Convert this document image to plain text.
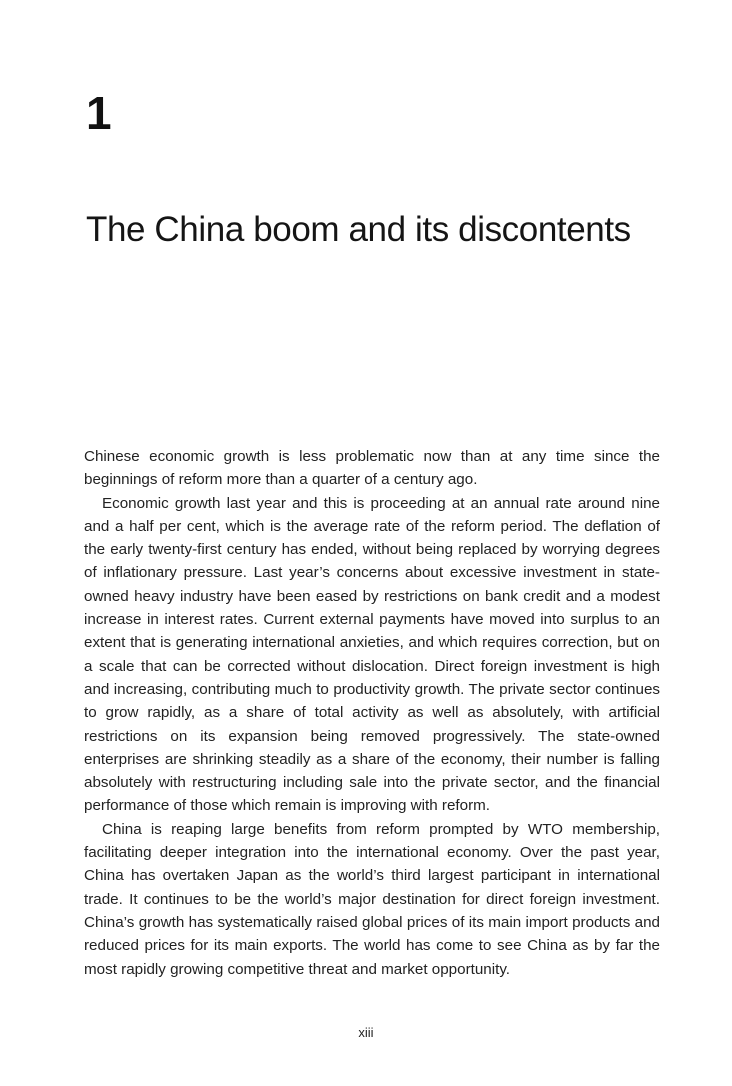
1
The China boom and its discontents

Chinese economic growth is less problematic now than at any time since the beginnings of reform more than a quarter of a century ago.

Economic growth last year and this is proceeding at an annual rate around nine and a half per cent, which is the average rate of the reform period. The deflation of the early twenty-first century has ended, without being replaced by worrying degrees of inflationary pressure. Last year’s concerns about excessive investment in state-owned heavy industry have been eased by restrictions on bank credit and a modest increase in interest rates. Current external payments have moved into surplus to an extent that is generating international anxieties, and which requires correction, but on a scale that can be corrected without dislocation. Direct foreign investment is high and increasing, contributing much to productivity growth. The private sector continues to grow rapidly, as a share of total activity as well as absolutely, with artificial restrictions on its expansion being removed progressively. The state-owned enterprises are shrinking steadily as a share of the economy, their number is falling absolutely with restructuring including sale into the private sector, and the financial performance of those which remain is improving with reform.

China is reaping large benefits from reform prompted by WTO membership, facilitating deeper integration into the international economy. Over the past year, China has overtaken Japan as the world’s third largest participant in international trade. It continues to be the world’s major destination for direct foreign investment. China’s growth has systematically raised global prices of its main import products and reduced prices for its main exports. The world has come to see China as by far the most rapidly growing competitive threat and market opportunity.

xiii
